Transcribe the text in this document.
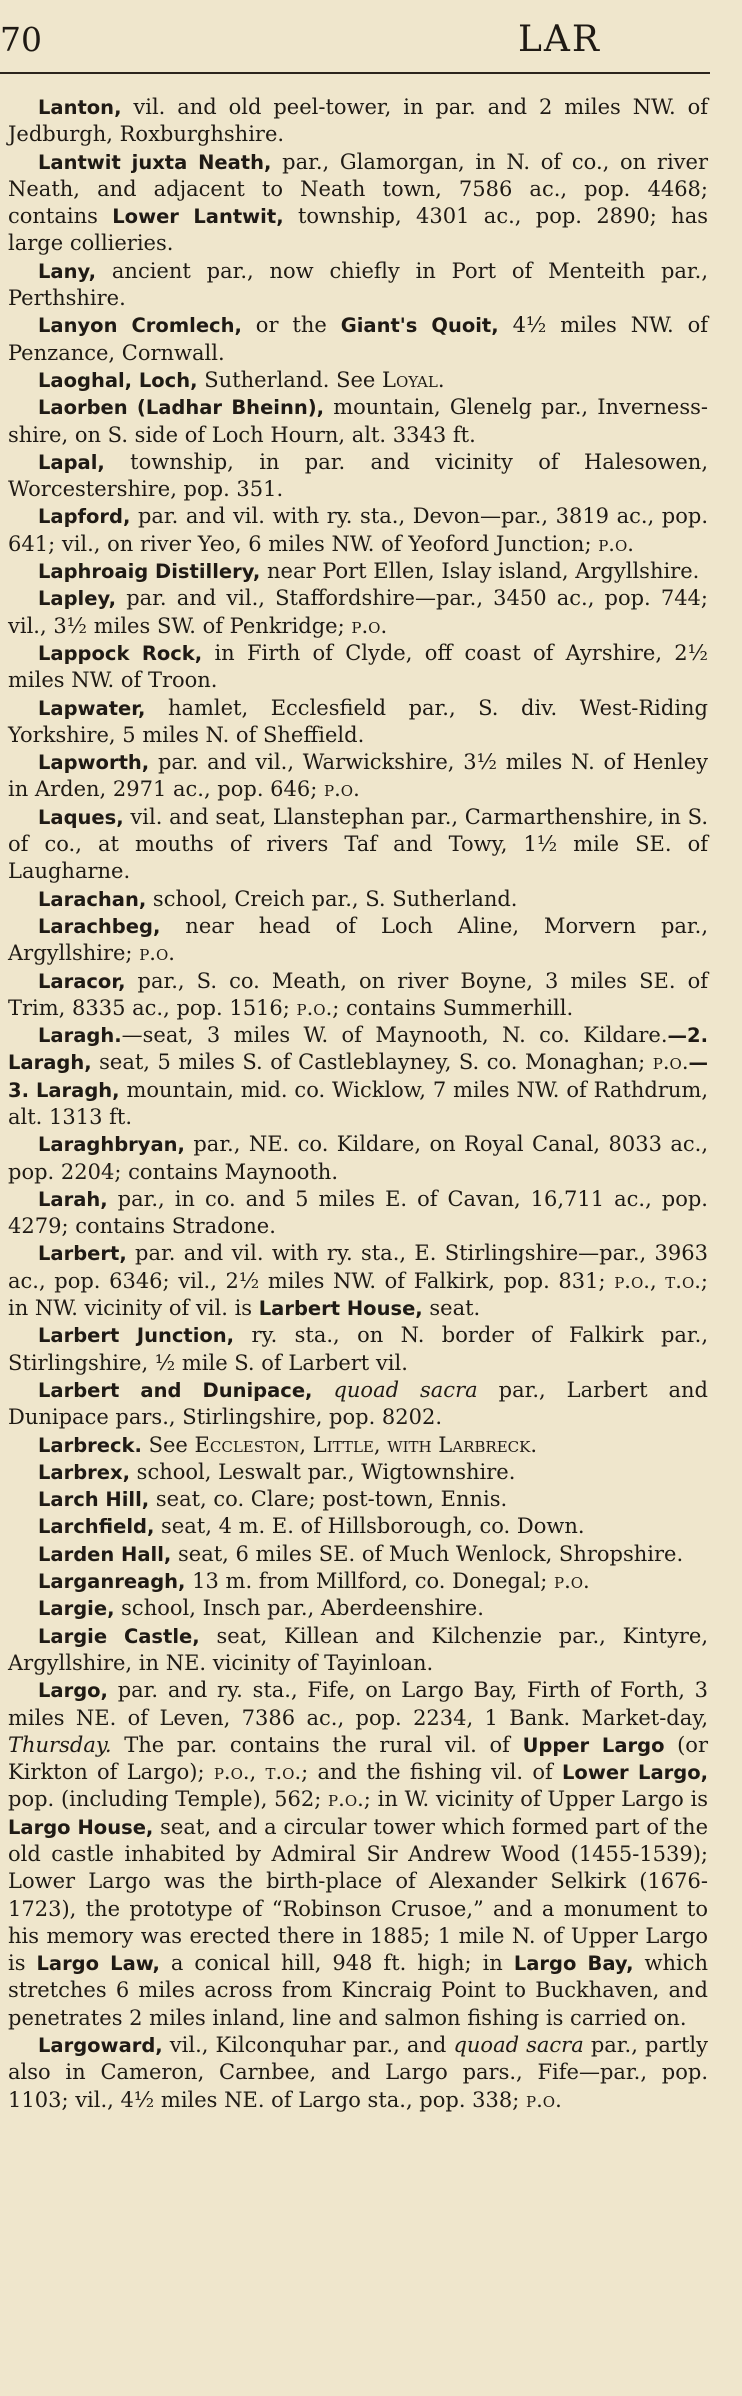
70	LAR

Lanton, vil. and old peel-tower, in par. and 2 miles NW. of Jedburgh, Roxburghshire.

Lantwit juxta Neath, par., Glamorgan, in N. of co., on river Neath, and adjacent to Neath town, 7586 ac., pop. 4468; contains Lower Lantwit, township, 4301 ac., pop. 2890; has large collieries.

Lany, ancient par., now chiefly in Port of Menteith par., Perthshire.

Lanyon Cromlech, or the Giant's Quoit, 4½ miles NW. of Penzance, Cornwall.

Laoghal, Loch, Sutherland. See Loyal.

Laorben (Ladhar Bheinn), mountain, Glenelg par., Inverness-shire, on S. side of Loch Hourn, alt. 3343 ft.

Lapal, township, in par. and vicinity of Halesowen, Worcestershire, pop. 351.

Lapford, par. and vil. with ry. sta., Devon—par., 3819 ac., pop. 641; vil., on river Yeo, 6 miles NW. of Yeoford Junction; p.o.

Laphroaig Distillery, near Port Ellen, Islay island, Argyllshire.

Lapley, par. and vil., Staffordshire—par., 3450 ac., pop. 744; vil., 3½ miles SW. of Penkridge; p.o.

Lappock Rock, in Firth of Clyde, off coast of Ayrshire, 2½ miles NW. of Troon.

Lapwater, hamlet, Ecclesfield par., S. div. West-Riding Yorkshire, 5 miles N. of Sheffield.

Lapworth, par. and vil., Warwickshire, 3½ miles N. of Henley in Arden, 2971 ac., pop. 646; p.o.

Laques, vil. and seat, Llanstephan par., Carmarthenshire, in S. of co., at mouths of rivers Taf and Towy, 1½ mile SE. of Laugharne.

Larachan, school, Creich par., S. Sutherland.

Larachbeg, near head of Loch Aline, Morvern par., Argyllshire; p.o.

Laracor, par., S. co. Meath, on river Boyne, 3 miles SE. of Trim, 8335 ac., pop. 1516; p.o.; contains Summerhill.

Laragh.—seat, 3 miles W. of Maynooth, N. co. Kildare.—2. Laragh, seat, 5 miles S. of Castleblayney, S. co. Monaghan; p.o.—3. Laragh, mountain, mid. co. Wicklow, 7 miles NW. of Rathdrum, alt. 1313 ft.

Laraghbryan, par., NE. co. Kildare, on Royal Canal, 8033 ac., pop. 2204; contains Maynooth.

Larah, par., in co. and 5 miles E. of Cavan, 16,711 ac., pop. 4279; contains Stradone.

Larbert, par. and vil. with ry. sta., E. Stirlingshire—par., 3963 ac., pop. 6346; vil., 2½ miles NW. of Falkirk, pop. 831; p.o., t.o.; in NW. vicinity of vil. is Larbert House, seat.

Larbert Junction, ry. sta., on N. border of Falkirk par., Stirlingshire, ½ mile S. of Larbert vil.

Larbert and Dunipace, quoad sacra par., Larbert and Dunipace pars., Stirlingshire, pop. 8202.

Larbreck. See Eccleston, Little, with Larbreck.

Larbrex, school, Leswalt par., Wigtownshire.

Larch Hill, seat, co. Clare; post-town, Ennis.

Larchfield, seat, 4 m. E. of Hillsborough, co. Down.

Larden Hall, seat, 6 miles SE. of Much Wenlock, Shropshire.

Larganreagh, 13 m. from Millford, co. Donegal; p.o.

Largie, school, Insch par., Aberdeenshire.

Largie Castle, seat, Killean and Kilchenzie par., Kintyre, Argyllshire, in NE. vicinity of Tayinloan.

Largo, par. and ry. sta., Fife, on Largo Bay, Firth of Forth, 3 miles NE. of Leven, 7386 ac., pop. 2234, 1 Bank. Market-day, Thursday. The par. contains the rural vil. of Upper Largo (or Kirkton of Largo); p.o., t.o.; and the fishing vil. of Lower Largo, pop. (including Temple), 562; p.o.; in W. vicinity of Upper Largo is Largo House, seat, and a circular tower which formed part of the old castle inhabited by Admiral Sir Andrew Wood (1455-1539); Lower Largo was the birth-place of Alexander Selkirk (1676-1723), the prototype of “Robinson Crusoe,” and a monument to his memory was erected there in 1885; 1 mile N. of Upper Largo is Largo Law, a conical hill, 948 ft. high; in Largo Bay, which stretches 6 miles across from Kincraig Point to Buckhaven, and penetrates 2 miles inland, line and salmon fishing is carried on.

Largoward, vil., Kilconquhar par., and quoad sacra par., partly also in Cameron, Carnbee, and Largo pars., Fife—par., pop. 1103; vil., 4½ miles NE. of Largo sta., pop. 338; p.o.
